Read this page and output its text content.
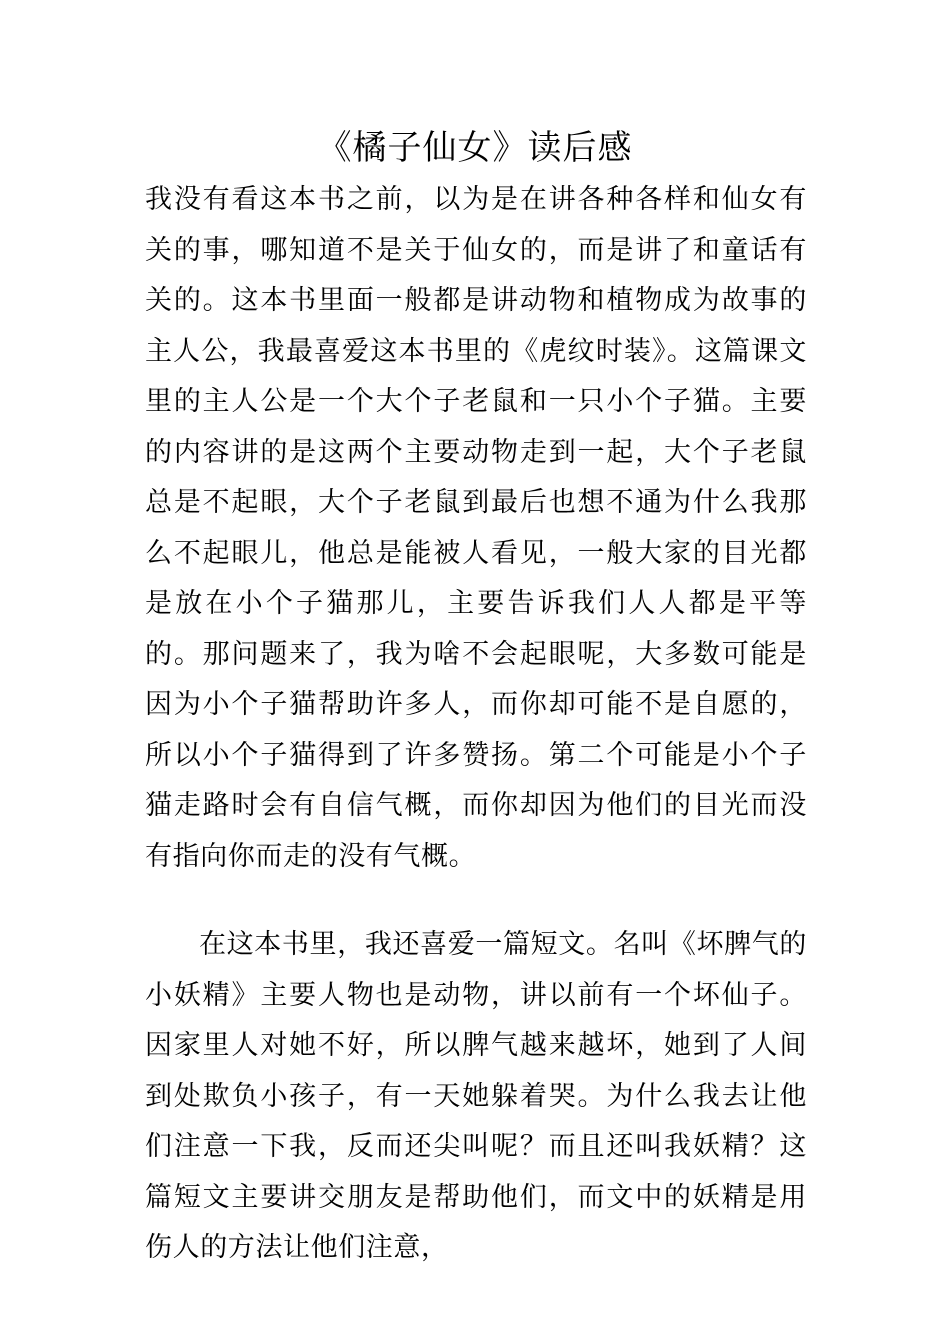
《橘子仙女》读后感

我没有看这本书之前，以为是在讲各种各样和仙女有关的事，哪知道不是关于仙女的，而是讲了和童话有关的。这本书里面一般都是讲动物和植物成为故事的主人公，我最喜爱这本书里的《虎纹时装》。这篇课文里的主人公是一个大个子老鼠和一只小个子猫。主要的内容讲的是这两个主要动物走到一起，大个子老鼠总是不起眼，大个子老鼠到最后也想不通为什么我那么不起眼儿，他总是能被人看见，一般大家的目光都是放在小个子猫那儿，主要告诉我们人人都是平等的。那问题来了，我为啥不会起眼呢，大多数可能是因为小个子猫帮助许多人，而你却可能不是自愿的，所以小个子猫得到了许多赞扬。第二个可能是小个子猫走路时会有自信气概，而你却因为他们的目光而没有指向你而走的没有气概。

在这本书里，我还喜爱一篇短文。名叫《坏脾气的小妖精》主要人物也是动物，讲以前有一个坏仙子。因家里人对她不好，所以脾气越来越坏，她到了人间到处欺负小孩子，有一天她躲着哭。为什么我去让他们注意一下我，反而还尖叫呢？而且还叫我妖精？这篇短文主要讲交朋友是帮助他们，而文中的妖精是用伤人的方法让他们注意，
